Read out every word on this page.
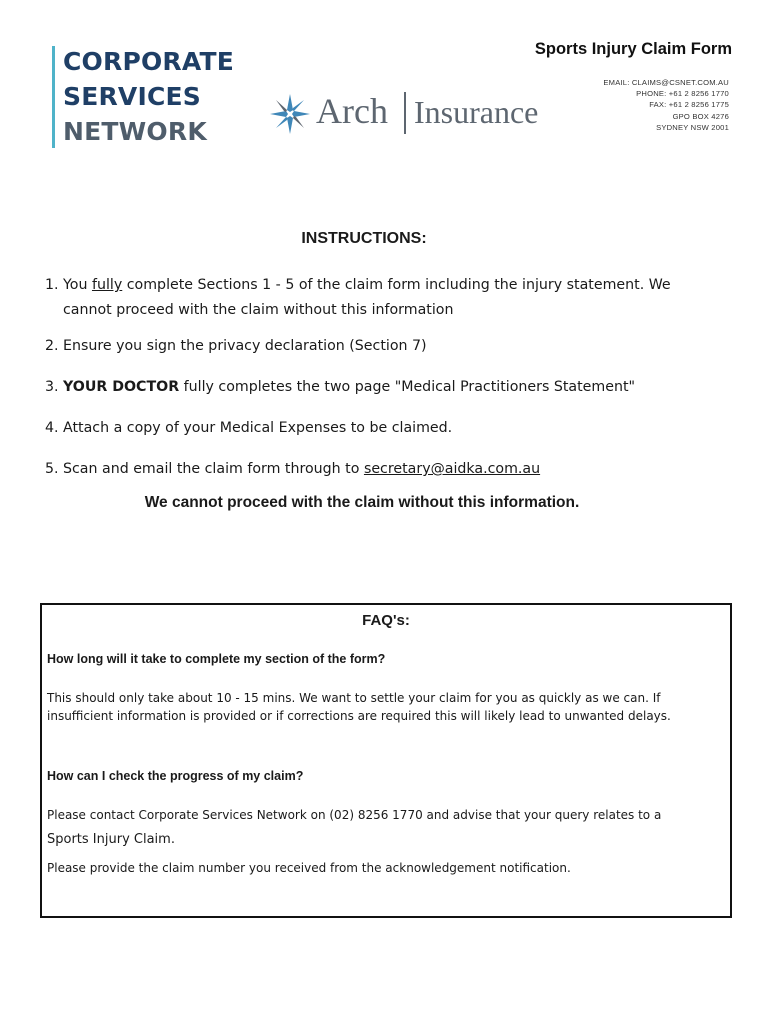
CORPORATE
SERVICES
NETWORK
Arch Insurance
Sports Injury Claim Form
EMAIL: CLAIMS@CSNET.COM.AU
PHONE: +61 2 8256 1770
FAX: +61 2 8256 1775
GPO BOX 4276
SYDNEY NSW 2001
INSTRUCTIONS:
1. You fully complete Sections 1 - 5 of the claim form including the injury statement. We
cannot proceed with the claim without this information
2. Ensure you sign the privacy declaration (Section 7)
3. YOUR DOCTOR fully completes the two page "Medical Practitioners Statement"
4. Attach a copy of your Medical Expenses to be claimed.
5. Scan and email the claim form through to secretary@aidka.com.au
We cannot proceed with the claim without this information.
FAQ's:
How long will it take to complete my section of the form?
This should only take about 10 - 15 mins. We want to settle your claim for you as quickly as we can. If insufficient information is provided or if corrections are required this will likely lead to unwanted delays.
How can I check the progress of my claim?
Please contact Corporate Services Network on (02) 8256 1770 and advise that your query relates to a
Sports Injury Claim.
Please provide the claim number you received from the acknowledgement notification.
